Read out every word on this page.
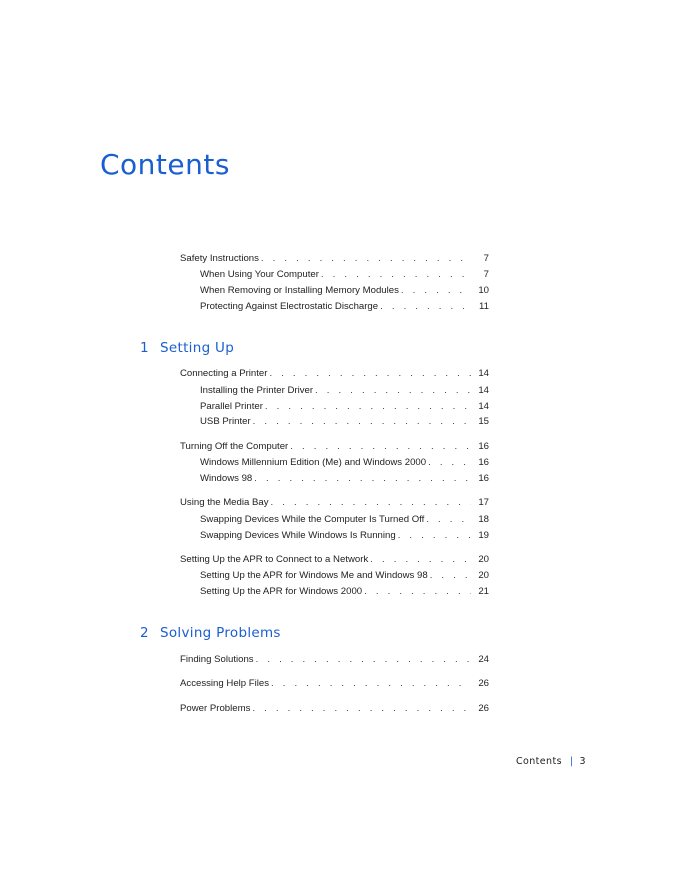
Contents
Safety Instructions . . .	7
When Using Your Computer . . .	7
When Removing or Installing Memory Modules . . .	10
Protecting Against Electrostatic Discharge . . .	11
1 Setting Up
Connecting a Printer . . .	14
Installing the Printer Driver . . .	14
Parallel Printer . . .	14
USB Printer . . .	15
Turning Off the Computer . . .	16
Windows Millennium Edition (Me) and Windows 2000 . . .	16
Windows 98 . . .	16
Using the Media Bay . . .	17
Swapping Devices While the Computer Is Turned Off . . .	18
Swapping Devices While Windows Is Running . . .	19
Setting Up the APR to Connect to a Network . . .	20
Setting Up the APR for Windows Me and Windows 98 . . .	20
Setting Up the APR for Windows 2000 . . .	21
2 Solving Problems
Finding Solutions . . .	24
Accessing Help Files . . .	26
Power Problems . . .	26
Contents | 3
